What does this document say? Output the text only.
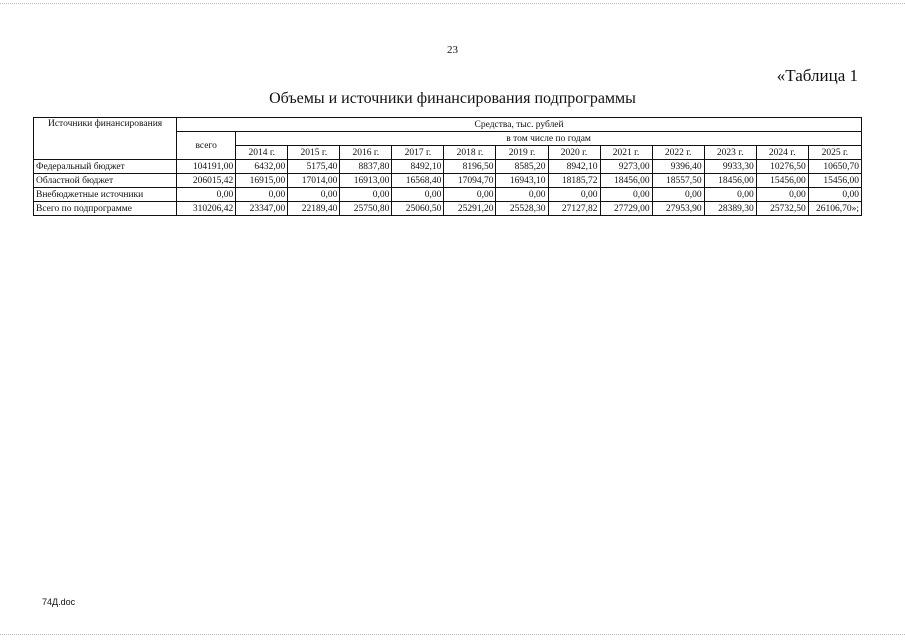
23
«Таблица 1
Объемы и источники финансирования подпрограммы
Источники финансирования	Средства, тыс. рублей												
	всего	в том числе по годам											
		2014 г.	2015 г.	2016 г.	2017 г.	2018 г.	2019 г.	2020 г.	2021 г.	2022 г.	2023 г.	2024 г.	2025 г.
Федеральный бюджет	104191,00	6432,00	5175,40	8837,80	8492,10	8196,50	8585,20	8942,10	9273,00	9396,40	9933,30	10276,50	10650,70
Областной бюджет	206015,42	16915,00	17014,00	16913,00	16568,40	17094,70	16943,10	18185,72	18456,00	18557,50	18456,00	15456,00	15456,00
Внебюджетные источники	0,00	0,00	0,00	0,00	0,00	0,00	0,00	0,00	0,00	0,00	0,00	0,00	0,00
Всего по подпрограмме	310206,42	23347,00	22189,40	25750,80	25060,50	25291,20	25528,30	27127,82	27729,00	27953,90	28389,30	25732,50	26106,70»;
74Д.doc
